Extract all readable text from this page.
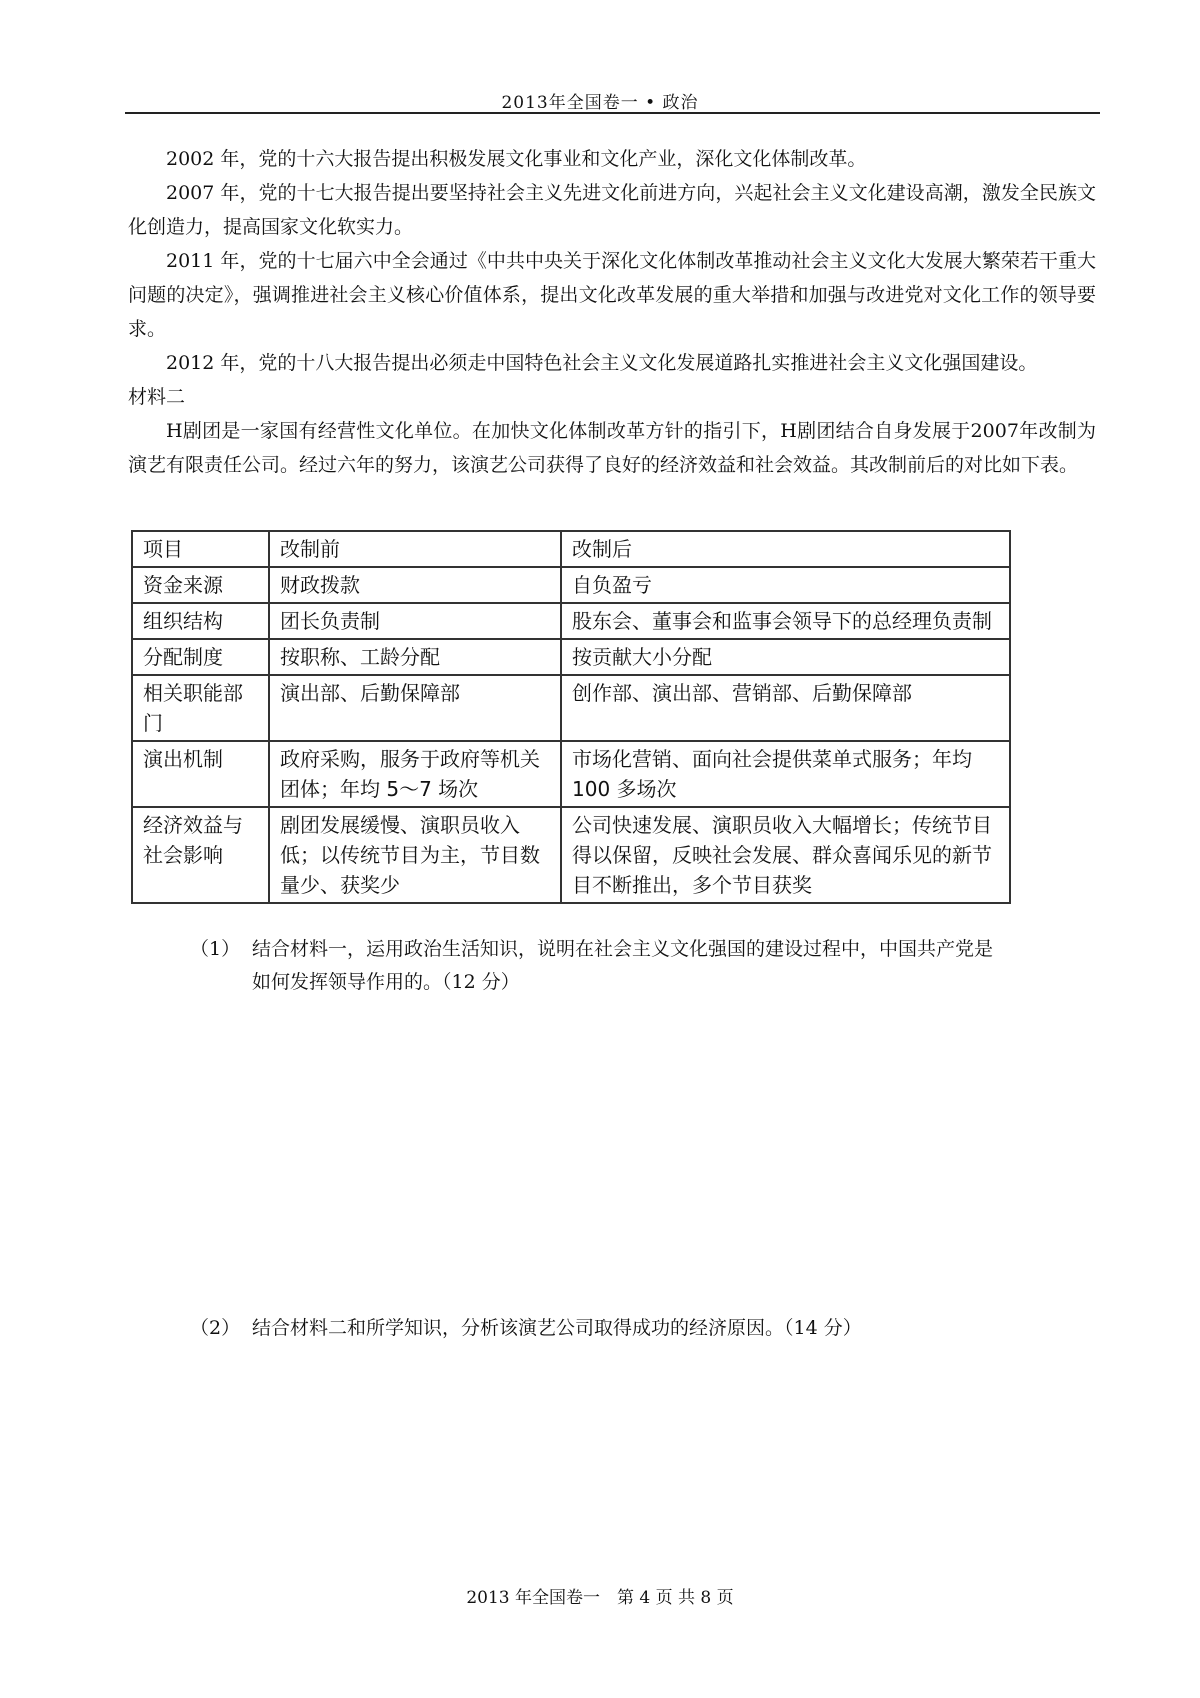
2013年全国卷一 • 政治

2002 年，党的十六大报告提出积极发展文化事业和文化产业，深化文化体制改革。

2007 年，党的十七大报告提出要坚持社会主义先进文化前进方向，兴起社会主义文化建设高潮，激发全民族文化创造力，提高国家文化软实力。

2011 年，党的十七届六中全会通过《中共中央关于深化文化体制改革推动社会主义文化大发展大繁荣若干重大问题的决定》，强调推进社会主义核心价值体系，提出文化改革发展的重大举措和加强与改进党对文化工作的领导要求。

2012 年，党的十八大报告提出必须走中国特色社会主义文化发展道路扎实推进社会主义文化强国建设。

材料二

H剧团是一家国有经营性文化单位。在加快文化体制改革方针的指引下，H剧团结合自身发展于2007年改制为演艺有限责任公司。经过六年的努力，该演艺公司获得了良好的经济效益和社会效益。其改制前后的对比如下表。

项目	改制前	改制后
资金来源	财政拨款	自负盈亏
组织结构	团长负责制	股东会、董事会和监事会领导下的总经理负责制
分配制度	按职称、工龄分配	按贡献大小分配
相关职能部门	演出部、后勤保障部	创作部、演出部、营销部、后勤保障部
演出机制	政府采购，服务于政府等机关团体；年均 5～7 场次	市场化营销、面向社会提供菜单式服务；年均 100 多场次

经济效益与社会影响	剧团发展缓慢、演职员收入低；以传统节目为主，节目数量少、获奖少	公司快速发展、演职员收入大幅增长；传统节目得以保留，反映社会发展、群众喜闻乐见的新节目不断推出，多个节目获奖
（1） 结合材料一，运用政治生活知识，说明在社会主义文化强国的建设过程中，中国共产党是
如何发挥领导作用的。（12 分）
（2） 结合材料二和所学知识，分析该演艺公司取得成功的经济原因。（14 分）
2013 年全国卷一　第 4 页 共 8 页
